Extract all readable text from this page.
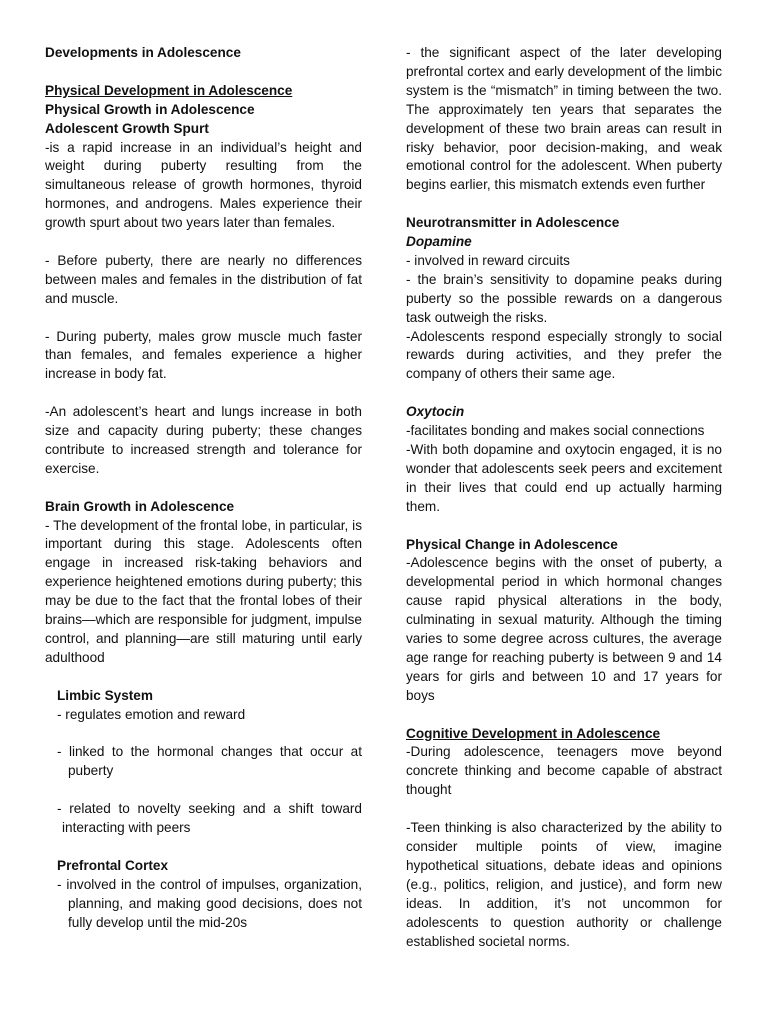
Developments in Adolescence
Physical Development in Adolescence
Physical Growth in Adolescence
Adolescent Growth Spurt

-is a rapid increase in an individual’s height and weight during puberty resulting from the simultaneous release of growth hormones, thyroid hormones, and androgens. Males experience their growth spurt about two years later than females.

- Before puberty, there are nearly no differences between males and females in the distribution of fat and muscle.

- During puberty, males grow muscle much faster than females, and females experience a higher increase in body fat.

-An adolescent’s heart and lungs increase in both size and capacity during puberty; these changes contribute to increased strength and tolerance for exercise.

Brain Growth in Adolescence

- The development of the frontal lobe, in particular, is important during this stage. Adolescents often engage in increased risk-taking behaviors and experience heightened emotions during puberty; this may be due to the fact that the frontal lobes of their brains—which are responsible for judgment, impulse control, and planning—are still maturing until early adulthood

Limbic System

- regulates emotion and reward

- linked to the hormonal changes that occur at puberty

- related to novelty seeking and a shift toward interacting with peers

Prefrontal Cortex

- involved in the control of impulses, organization, planning, and making good decisions, does not fully develop until the mid-20s

- the significant aspect of the later developing prefrontal cortex and early development of the limbic system is the “mismatch” in timing between the two. The approximately ten years that separates the development of these two brain areas can result in risky behavior, poor decision-making, and weak emotional control for the adolescent. When puberty begins earlier, this mismatch extends even further

Neurotransmitter in Adolescence
Dopamine

- involved in reward circuits

- the brain’s sensitivity to dopamine peaks during puberty so the possible rewards on a dangerous task outweigh the risks.

-Adolescents respond especially strongly to social rewards during activities, and they prefer the company of others their same age.

Oxytocin

-facilitates bonding and makes social connections

-With both dopamine and oxytocin engaged, it is no wonder that adolescents seek peers and excitement in their lives that could end up actually harming them.

Physical Change in Adolescence

-Adolescence begins with the onset of puberty, a developmental period in which hormonal changes cause rapid physical alterations in the body, culminating in sexual maturity. Although the timing varies to some degree across cultures, the average age range for reaching puberty is between 9 and 14 years for girls and between 10 and 17 years for boys

Cognitive Development in Adolescence

-During adolescence, teenagers move beyond concrete thinking and become capable of abstract thought

-Teen thinking is also characterized by the ability to consider multiple points of view, imagine hypothetical situations, debate ideas and opinions (e.g., politics, religion, and justice), and form new ideas. In addition, it’s not uncommon for adolescents to question authority or challenge established societal norms.
